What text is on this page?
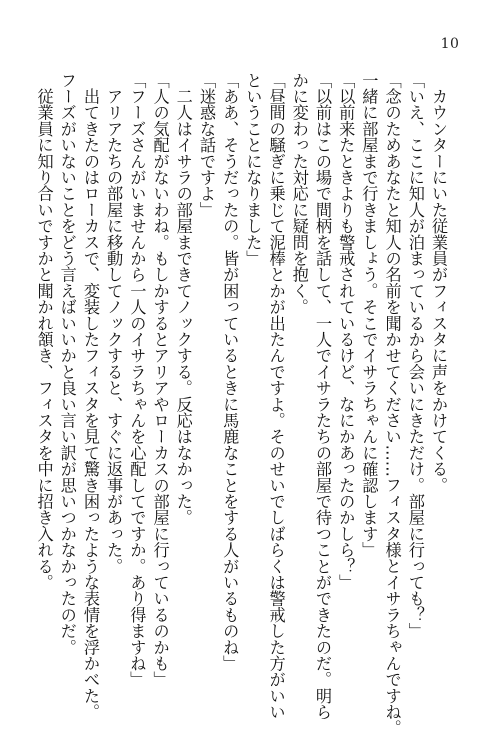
10
　カウンターにいた従業員がフィスタに声をかけてくる。
「いえ、ここに知人が泊まっているから会いにきただけ。部屋に行っても？」
「念のためあなたと知人の名前を聞かせてください……フィスタ様とイサラちゃんですね。
一緒に部屋まで行きましょう。そこでイサラちゃんに確認します」
「以前来たときよりも警戒されているけど、なにかあったのかしら？」
「以前はこの場で間柄を話して、一人でイサラたちの部屋で待つことができたのだ。明ら
かに変わった対応に疑問を抱く。
「昼間の騒ぎに乗じて泥棒とかが出たんですよ。そのせいでしばらくは警戒した方がいい
ということになりました」
「ああ、そうだったの。皆が困っているときに馬鹿なことをする人がいるものね」
「迷惑な話ですよ」
　二人はイサラの部屋まできてノックする。反応はなかった。
「人の気配がないわね。もしかするとアリアやローカスの部屋に行っているのかも」
「フーズさんがいませんから一人のイサラちゃんを心配してですか。あり得ますね」
　アリアたちの部屋に移動してノックすると、すぐに返事があった。
　出てきたのはローカスで、変装したフィスタを見て驚き困ったような表情を浮かべた。
フーズがいないことをどう言えばいいかと良い言い訳が思いつかなかったのだ。
　従業員に知り合いですかと聞かれ頷き、フィスタを中に招き入れる。
